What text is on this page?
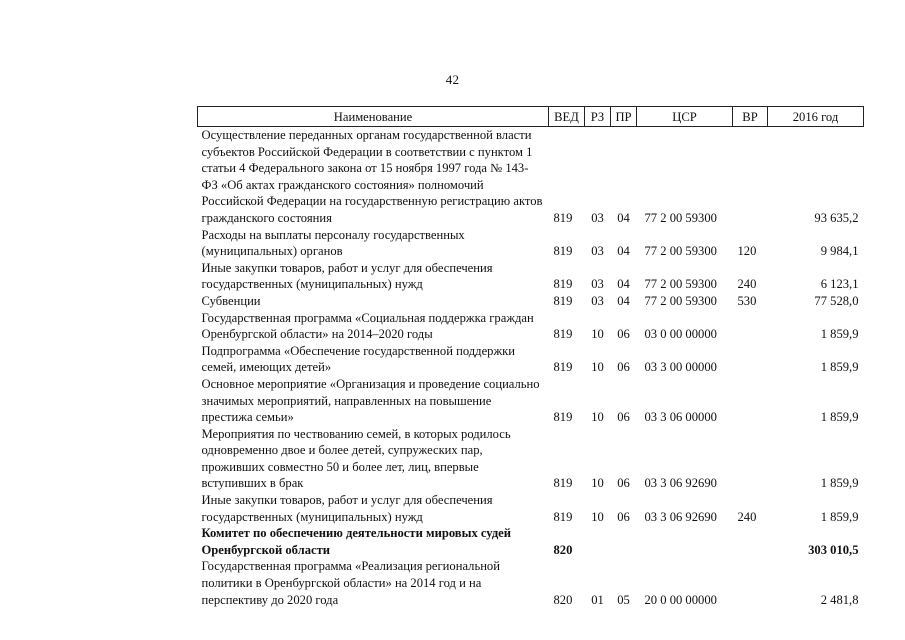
42
Наименование	ВЕД	РЗ	ПР	ЦСР	ВР	2016 год
Осуществление переданных органам государственной власти субъектов Российской Федерации в соответствии с пунктом 1 статьи 4 Федерального закона от 15 ноября 1997 года № 143-ФЗ «Об актах гражданского состояния» полномочий Российской Федерации на государственную регистрацию актов гражданского состояния	819	03	04	77 2 00 59300		93 635,2
Расходы на выплаты персоналу государственных (муниципальных) органов	819	03	04	77 2 00 59300	120	9 984,1
Иные закупки товаров, работ и услуг для обеспечения государственных (муниципальных) нужд	819	03	04	77 2 00 59300	240	6 123,1
Субвенции	819	03	04	77 2 00 59300	530	77 528,0
Государственная программа «Социальная поддержка граждан Оренбургской области» на 2014–2020 годы	819	10	06	03 0 00 00000		1 859,9
Подпрограмма «Обеспечение государственной поддержки семей, имеющих детей»	819	10	06	03 3 00 00000		1 859,9
Основное мероприятие «Организация и проведение социально значимых мероприятий, направленных на повышение престижа семьи»	819	10	06	03 3 06 00000		1 859,9
Мероприятия по чествованию семей, в которых родилось одновременно двое и более детей, супружеских пар, проживших совместно 50 и более лет, лиц, впервые вступивших в брак	819	10	06	03 3 06 92690		1 859,9
Иные закупки товаров, работ и услуг для обеспечения государственных (муниципальных) нужд	819	10	06	03 3 06 92690	240	1 859,9
Комитет по обеспечению деятельности мировых судей Оренбургской области	820					303 010,5
Государственная программа «Реализация региональной политики в Оренбургской области» на 2014 год и на перспективу до 2020 года	820	01	05	20 0 00 00000		2 481,8
